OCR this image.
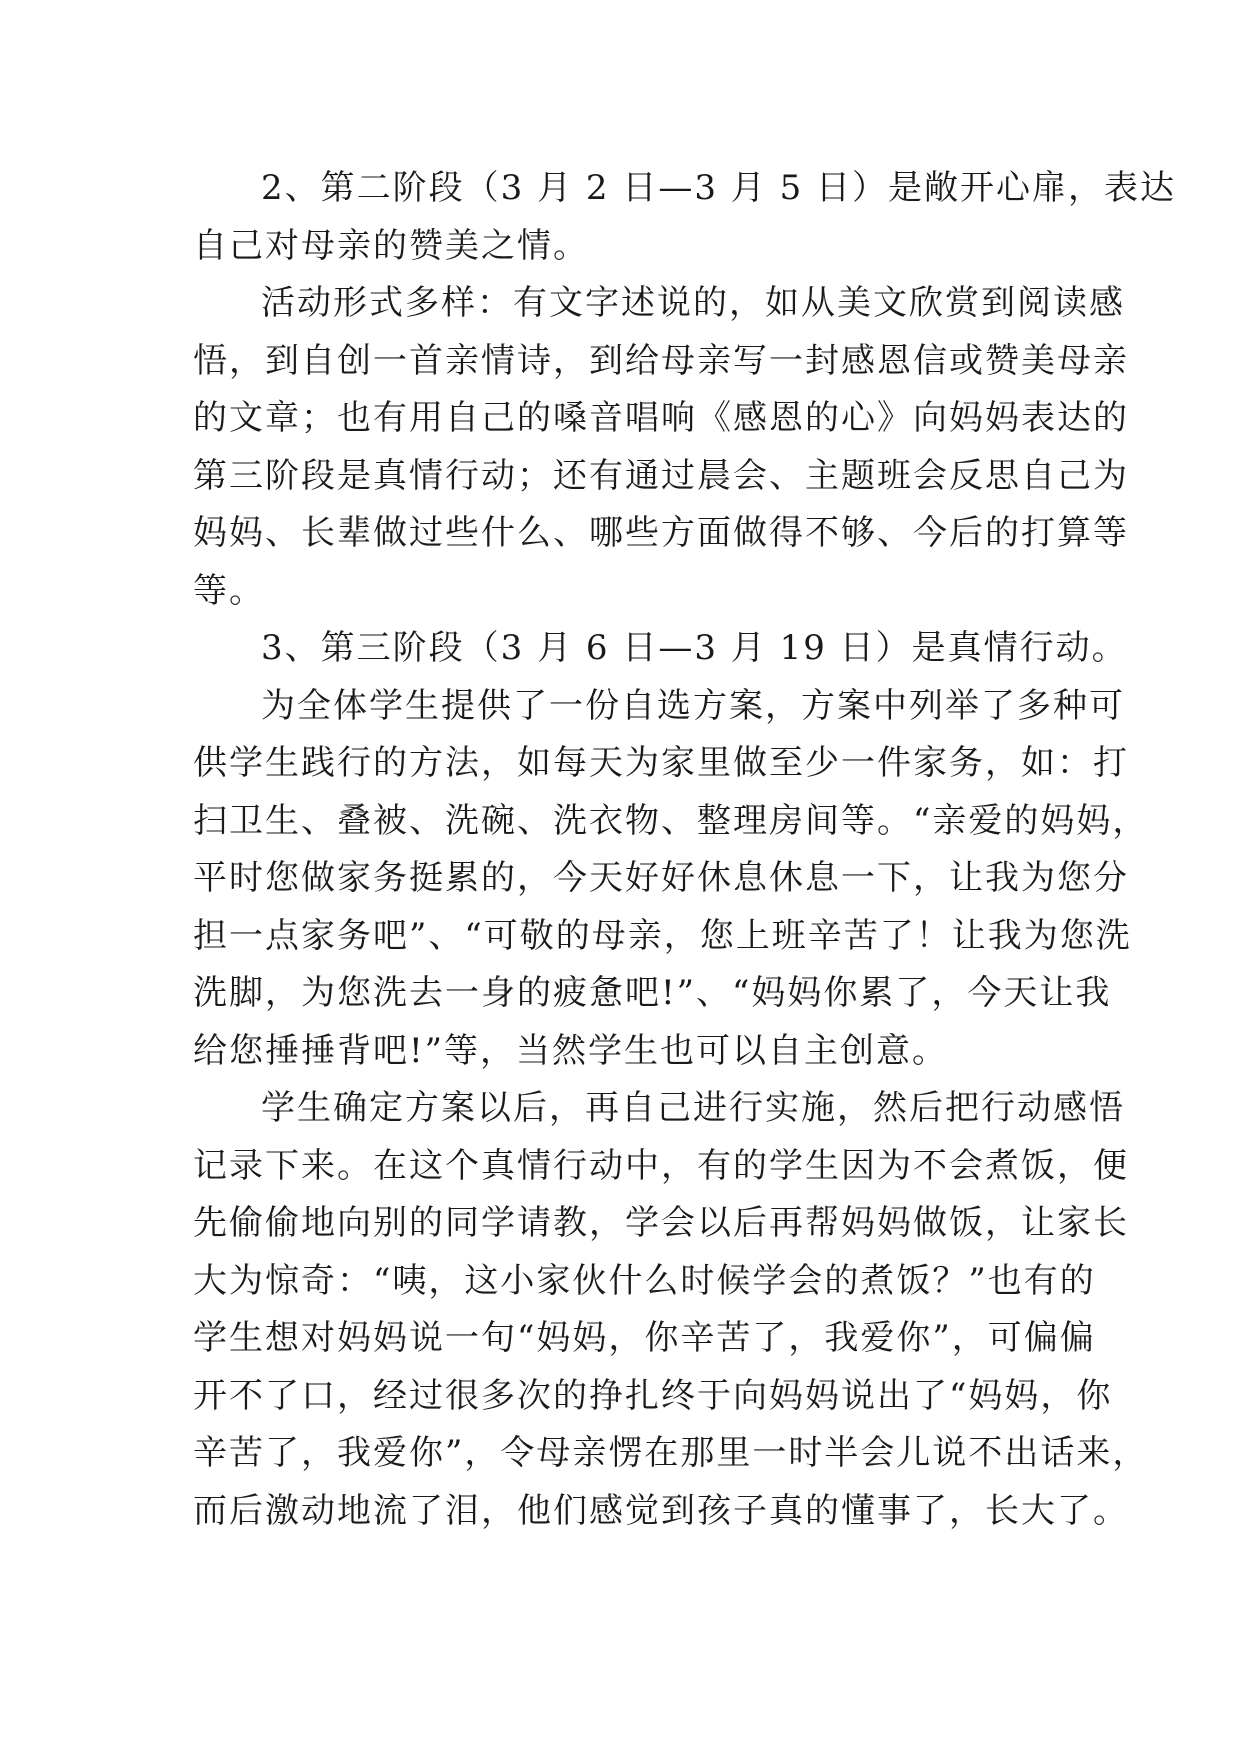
2、第二阶段（3 月 2 日—3 月 5 日）是敞开心扉，表达
自己对母亲的赞美之情。
活动形式多样：有文字述说的，如从美文欣赏到阅读感
悟，到自创一首亲情诗，到给母亲写一封感恩信或赞美母亲
的文章；也有用自己的嗓音唱响《感恩的心》向妈妈表达的
第三阶段是真情行动；还有通过晨会、主题班会反思自己为
妈妈、长辈做过些什么、哪些方面做得不够、今后的打算等
等。
3、第三阶段（3 月 6 日—3 月 19 日）是真情行动。
为全体学生提供了一份自选方案，方案中列举了多种可
供学生践行的方法，如每天为家里做至少一件家务，如：打
扫卫生、叠被、洗碗、洗衣物、整理房间等。“亲爱的妈妈，
平时您做家务挺累的，今天好好休息休息一下，让我为您分
担一点家务吧”、“可敬的母亲，您上班辛苦了！让我为您洗
洗脚，为您洗去一身的疲惫吧!”、“妈妈你累了，今天让我
给您捶捶背吧!”等，当然学生也可以自主创意。
学生确定方案以后，再自己进行实施，然后把行动感悟
记录下来。在这个真情行动中，有的学生因为不会煮饭，便
先偷偷地向别的同学请教，学会以后再帮妈妈做饭，让家长
大为惊奇：“咦，这小家伙什么时候学会的煮饭？”也有的
学生想对妈妈说一句“妈妈，你辛苦了，我爱你”，可偏偏
开不了口，经过很多次的挣扎终于向妈妈说出了“妈妈，你
辛苦了，我爱你”，令母亲愣在那里一时半会儿说不出话来，
而后激动地流了泪，他们感觉到孩子真的懂事了，长大了。
